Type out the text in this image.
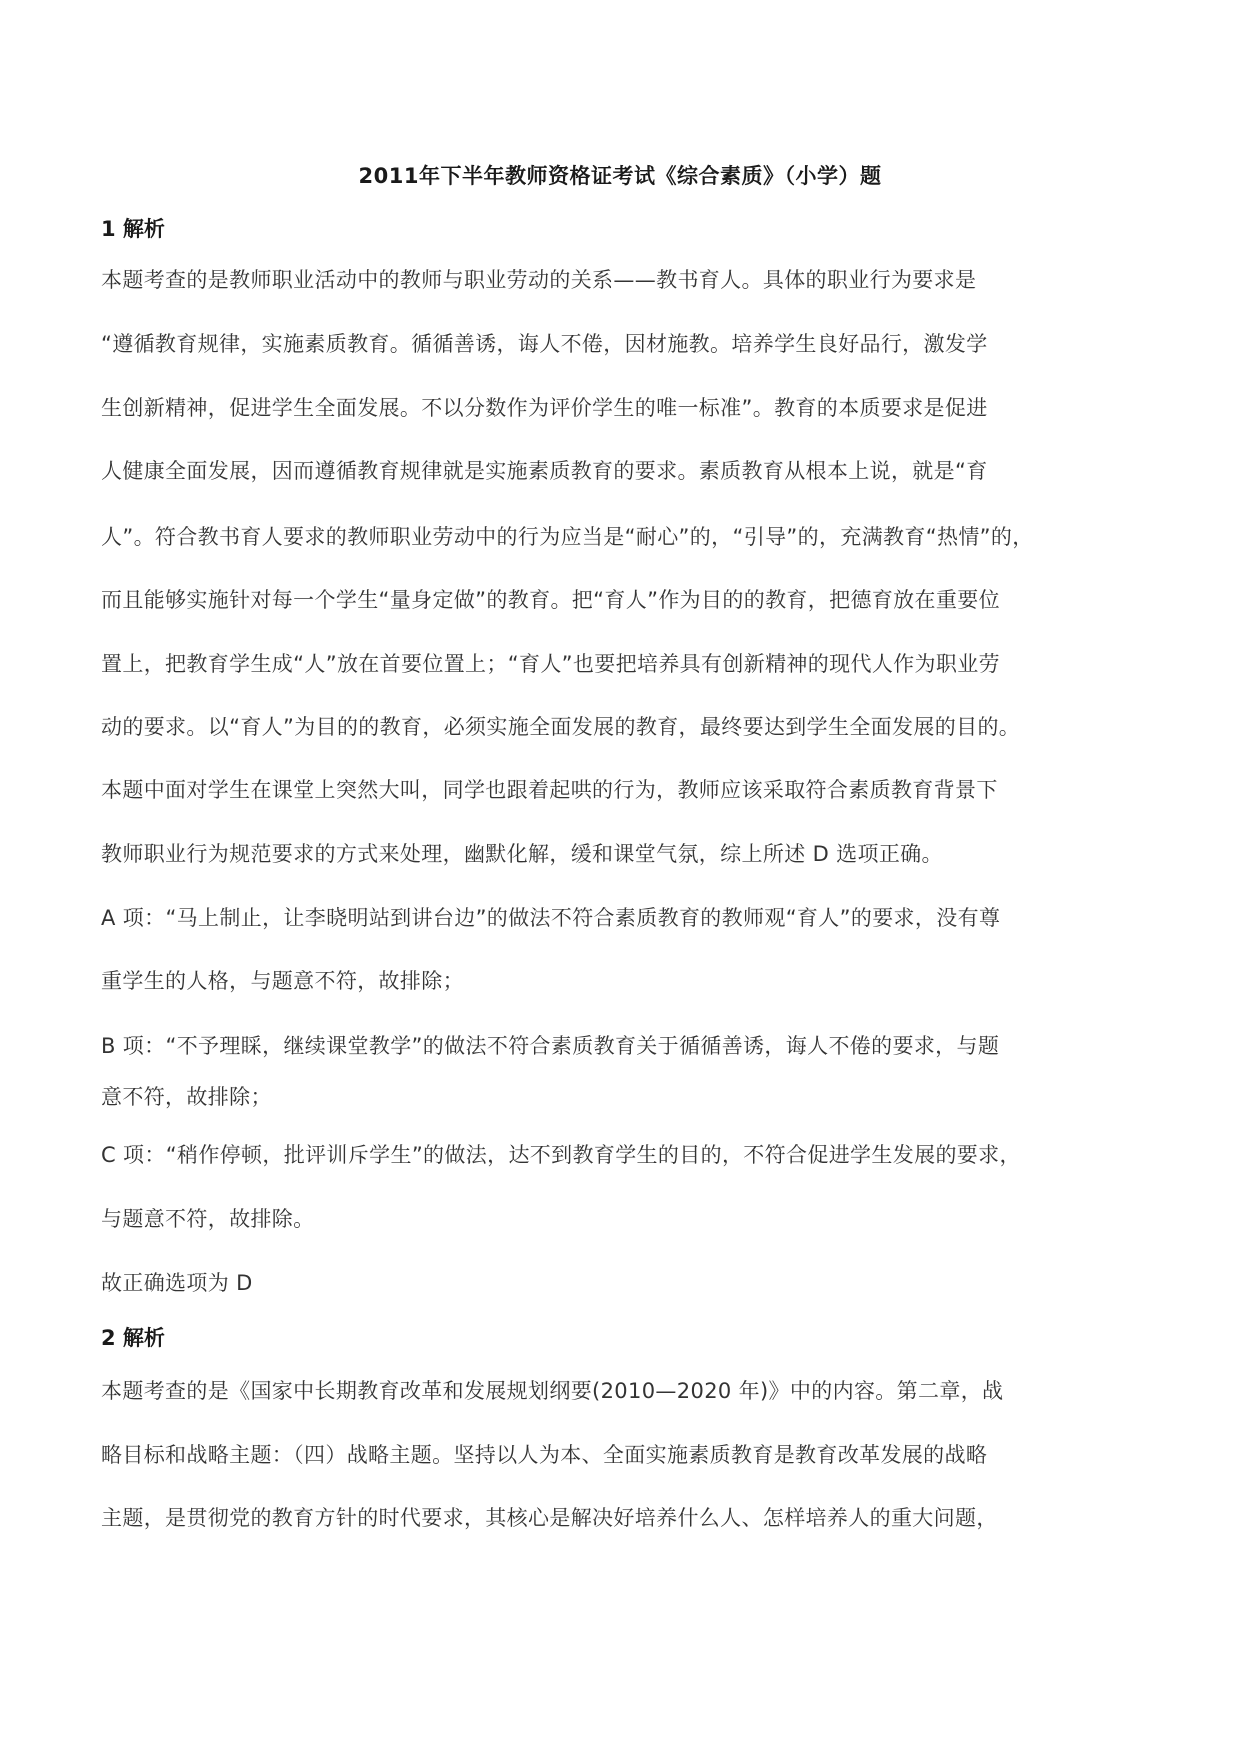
2011年下半年教师资格证考试《综合素质》（小学）题
1 解析
本题考查的是教师职业活动中的教师与职业劳动的关系——教书育人。具体的职业行为要求是
“遵循教育规律，实施素质教育。循循善诱，诲人不倦，因材施教。培养学生良好品行，激发学
生创新精神，促进学生全面发展。不以分数作为评价学生的唯一标准”。教育的本质要求是促进
人健康全面发展，因而遵循教育规律就是实施素质教育的要求。素质教育从根本上说，就是“育
人”。符合教书育人要求的教师职业劳动中的行为应当是“耐心”的，“引导”的，充满教育“热情”的，
而且能够实施针对每一个学生“量身定做”的教育。把“育人”作为目的的教育，把德育放在重要位
置上，把教育学生成“人”放在首要位置上；“育人”也要把培养具有创新精神的现代人作为职业劳
动的要求。以“育人”为目的的教育，必须实施全面发展的教育，最终要达到学生全面发展的目的。
本题中面对学生在课堂上突然大叫，同学也跟着起哄的行为，教师应该采取符合素质教育背景下
教师职业行为规范要求的方式来处理，幽默化解，缓和课堂气氛，综上所述 D 选项正确。
A 项：“马上制止，让李晓明站到讲台边”的做法不符合素质教育的教师观“育人”的要求，没有尊
重学生的人格，与题意不符，故排除；
B 项：“不予理睬，继续课堂教学”的做法不符合素质教育关于循循善诱，诲人不倦的要求，与题
意不符，故排除；
C 项：“稍作停顿，批评训斥学生”的做法，达不到教育学生的目的，不符合促进学生发展的要求，
与题意不符，故排除。
故正确选项为 D
2 解析
本题考查的是《国家中长期教育改革和发展规划纲要(2010—2020 年)》中的内容。第二章，战
略目标和战略主题：（四）战略主题。坚持以人为本、全面实施素质教育是教育改革发展的战略
主题，是贯彻党的教育方针的时代要求，其核心是解决好培养什么人、怎样培养人的重大问题，
